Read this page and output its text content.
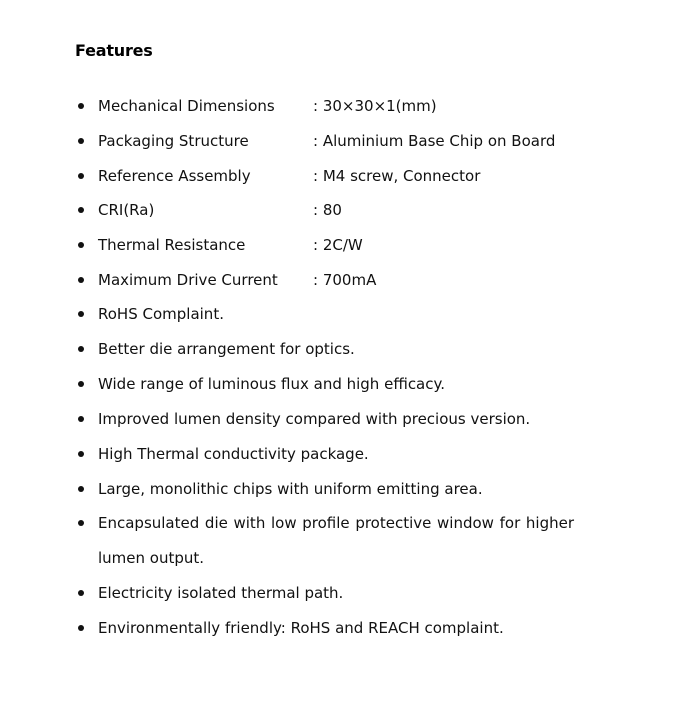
Features
Mechanical Dimensions	: 30×30×1(mm)
Packaging Structure	: Aluminium Base Chip on Board
Reference Assembly	: M4 screw, Connector
CRI(Ra)	: 80
Thermal Resistance	: 2C/W
Maximum Drive Current : 700mA
RoHS Complaint.
Better die arrangement for optics.
Wide range of luminous flux and high efficacy.
Improved lumen density compared with precious version.
High Thermal conductivity package.
Large, monolithic chips with uniform emitting area.
Encapsulated die with low profile protective window for higher
lumen output.
Electricity isolated thermal path.
Environmentally friendly: RoHS and REACH complaint.
